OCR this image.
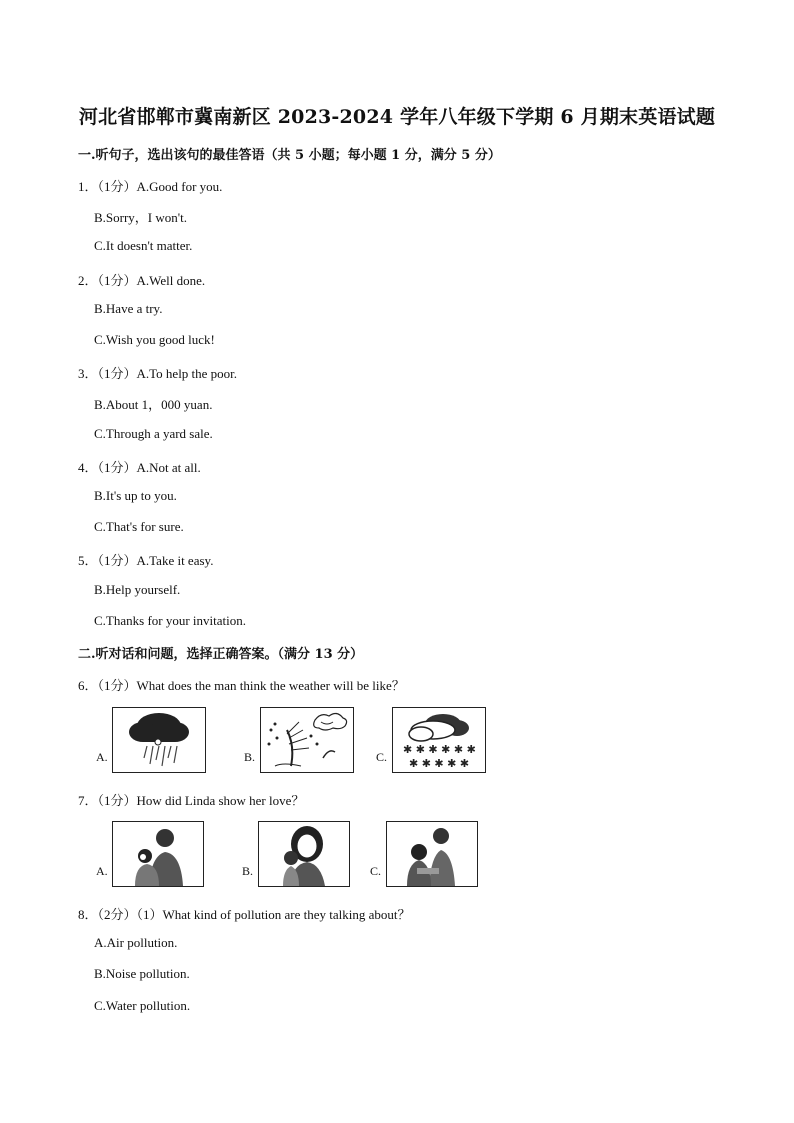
河北省邯郸市冀南新区 2023-2024 学年八年级下学期 6 月期末英语试题
一.听句子，选出该句的最佳答语（共 5 小题；每小题 1 分，满分 5 分）
1．（1分）A.Good for you.
B.Sorry，I won't.
C.It doesn't matter.
2．（1分）A.Well done.
B.Have a try.
C.Wish you good luck!
3．（1分）A.To help the poor.
B.About 1，000 yuan.
C.Through a yard sale.
4．（1分）A.Not at all.
B.It's up to you.
C.That's for sure.
5．（1分）A.Take it easy.
B.Help yourself.
C.Thanks for your invitation.
二.听对话和问题，选择正确答案。（满分 13 分）
6．（1分）What does the man think the weather will be like？
A.	B.	C.
✱ ✱ ✱ ✱ ✱ ✱
✱ ✱ ✱ ✱ ✱
7．（1分）How did Linda show her love？
A.	B.	C.
8．（2分）（1）What kind of pollution are they talking about？
A.Air pollution.
B.Noise pollution.
C.Water pollution.
